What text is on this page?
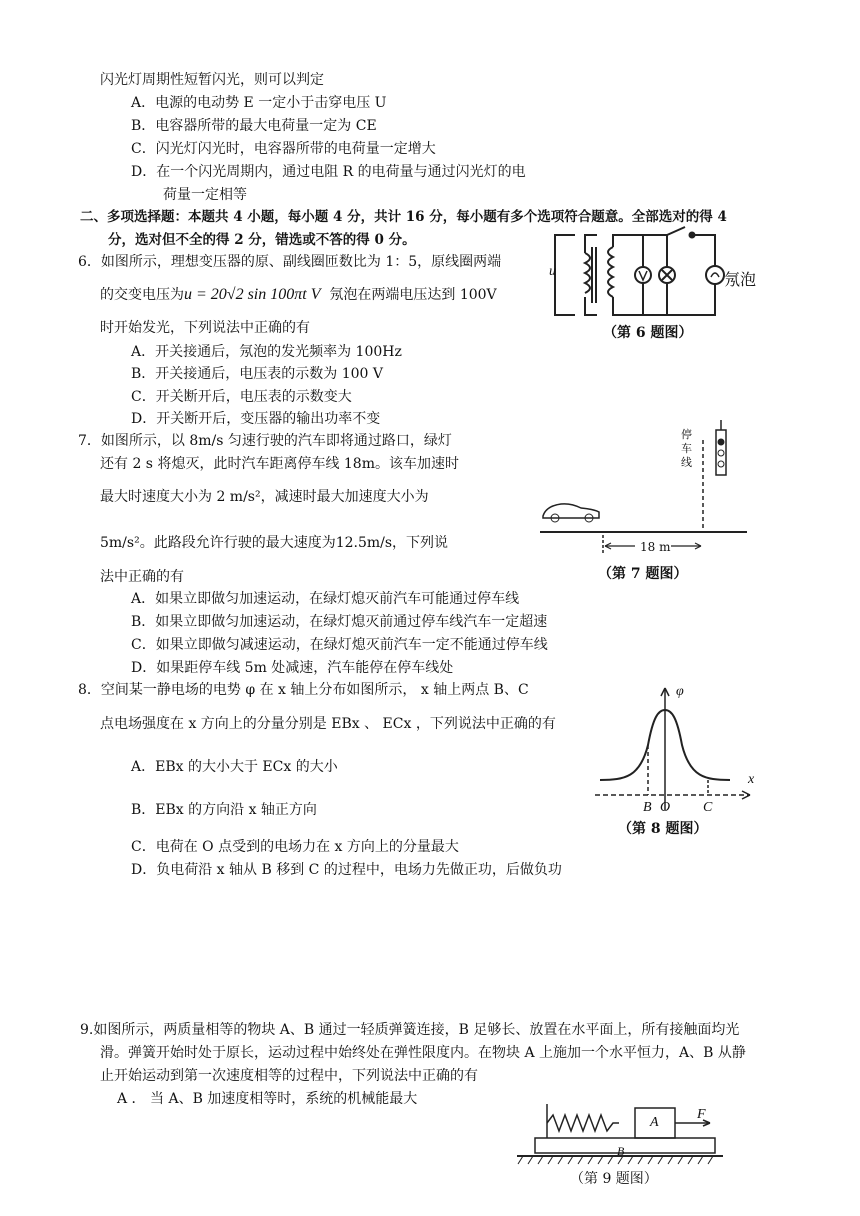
闪光灯周期性短暂闪光，则可以判定
A．电源的电动势 E 一定小于击穿电压 U
B．电容器所带的最大电荷量一定为 CE
C．闪光灯闪光时，电容器所带的电荷量一定增大
D．在一个闪光周期内，通过电阻 R 的电荷量与通过闪光灯的电
荷量一定相等
二、多项选择题：本题共 4 小题，每小题 4 分，共计 16 分，每小题有多个选项符合题意。全部选对的得 4
分，选对但不全的得 2 分，错选或不答的得 0 分。
6．如图所示，理想变压器的原、副线圈匝数比为 1：5，原线圈两端
的交变电压为u = 20√2 sin 100πt V 氖泡在两端电压达到 100V
时开始发光，下列说法中正确的有
A．开关接通后，氖泡的发光频率为 100Hz
B．开关接通后，电压表的示数为 100 V
C．开关断开后，电压表的示数变大
D．开关断开后，变压器的输出功率不变
u	氖泡
（第 6 题图）
7．如图所示，以 8m/s 匀速行驶的汽车即将通过路口，绿灯
还有 2 s 将熄灭，此时汽车距离停车线 18m。该车加速时
最大时速度大小为 2 m/s²，减速时最大加速度大小为
5m/s²。此路段允许行驶的最大速度为12.5m/s，下列说
法中正确的有
A．如果立即做匀加速运动，在绿灯熄灭前汽车可能通过停车线
B．如果立即做匀加速运动，在绿灯熄灭前通过停车线汽车一定超速
C．如果立即做匀减速运动，在绿灯熄灭前汽车一定不能通过停车线
D．如果距停车线 5m 处减速，汽车能停在停车线处
停车线
18 m
（第 7 题图）
8．空间某一静电场的电势 φ 在 x 轴上分布如图所示， x 轴上两点 B、C
点电场强度在 x 方向上的分量分别是 EBx 、 ECx ，下列说法中正确的有
A．EBx 的大小大于 ECx 的大小
B．EBx 的方向沿 x 轴正方向
C．电荷在 O 点受到的电场力在 x 方向上的分量最大
D．负电荷沿 x 轴从 B 移到 C 的过程中，电场力先做正功，后做负功
φ
x
B O C
（第 8 题图）
9.如图所示，两质量相等的物块 A、B 通过一轻质弹簧连接，B 足够长、放置在水平面上，所有接触面均光
滑。弹簧开始时处于原长，运动过程中始终处在弹性限度内。在物块 A 上施加一个水平恒力，A、B 从静
止开始运动到第一次速度相等的过程中，下列说法中正确的有
A ． 当 A、B 加速度相等时，系统的机械能最大
A
B
F
（第 9 题图）
